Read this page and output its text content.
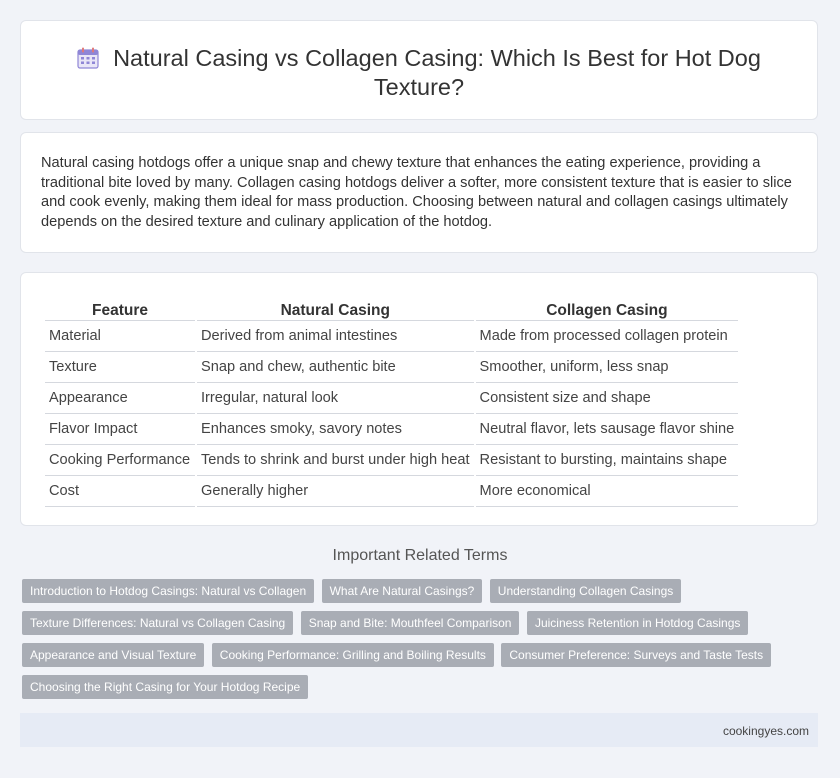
Natural Casing vs Collagen Casing: Which Is Best for Hot Dog Texture?

Natural casing hotdogs offer a unique snap and chewy texture that enhances the eating experience, providing a traditional bite loved by many. Collagen casing hotdogs deliver a softer, more consistent texture that is easier to slice and cook evenly, making them ideal for mass production. Choosing between natural and collagen casings ultimately depends on the desired texture and culinary application of the hotdog.

Feature	Natural Casing	Collagen Casing
Material	Derived from animal intestines	Made from processed collagen protein
Texture	Snap and chew, authentic bite	Smoother, uniform, less snap
Appearance	Irregular, natural look	Consistent size and shape
Flavor Impact	Enhances smoky, savory notes	Neutral flavor, lets sausage flavor shine
Cooking Performance	Tends to shrink and burst under high heat	Resistant to bursting, maintains shape
Cost	Generally higher	More economical
Important Related Terms
Introduction to Hotdog Casings: Natural vs Collagen What Are Natural Casings? Understanding Collagen Casings Texture Differences: Natural vs Collagen Casing Snap and Bite: Mouthfeel Comparison Juiciness Retention in Hotdog Casings Appearance and Visual Texture Cooking Performance: Grilling and Boiling Results Consumer Preference: Surveys and Taste Tests Choosing the Right Casing for Your Hotdog Recipe
cookingyes.com
